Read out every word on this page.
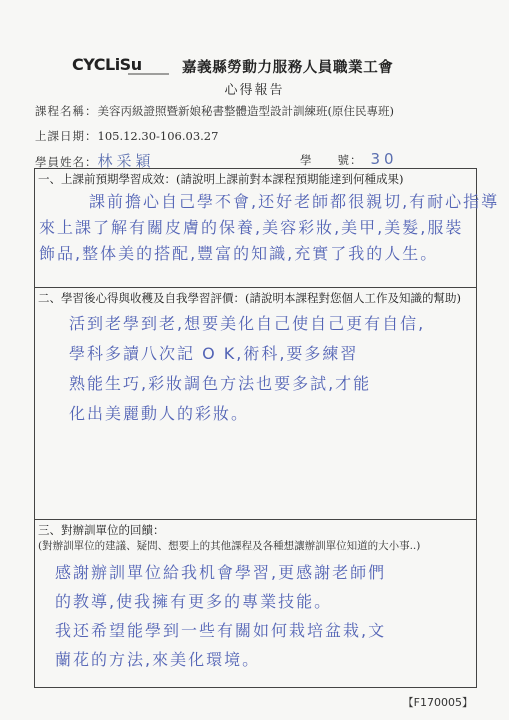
CYCLiSu	嘉義縣勞動力服務人員職業工會
心得報告
課程名稱：美容丙級證照暨新娘秘書整體造型設計訓練班(原住民專班)
上課日期：105.12.30-106.03.27
學員姓名：林采穎	學　　號： 30
一、上課前預期學習成效：(請說明上課前對本課程預期能達到何種成果)
課前擔心自己學不會,还好老師都很親切,有耐心指導
來上課了解有關皮膚的保養,美容彩妝,美甲,美髮,服裝
飾品,整体美的搭配,豐富的知識,充實了我的人生。
二、學習後心得與收穫及自我學習評價：(請說明本課程對您個人工作及知識的幫助)
活到老學到老,想要美化自己使自己更有自信,
學科多讀八次記 O K,術科,要多練習
熟能生巧,彩妝調色方法也要多試,才能
化出美麗動人的彩妝。
三、對辦訓單位的回饋：
(對辦訓單位的建議、疑問、想要上的其他課程及各種想讓辦訓單位知道的大小事..)
感謝辦訓單位給我机會學習,更感謝老師們
的教導,使我擁有更多的專業技能。
我还希望能學到一些有關如何栽培盆栽,文
蘭花的方法,來美化環境。
【F170005】
